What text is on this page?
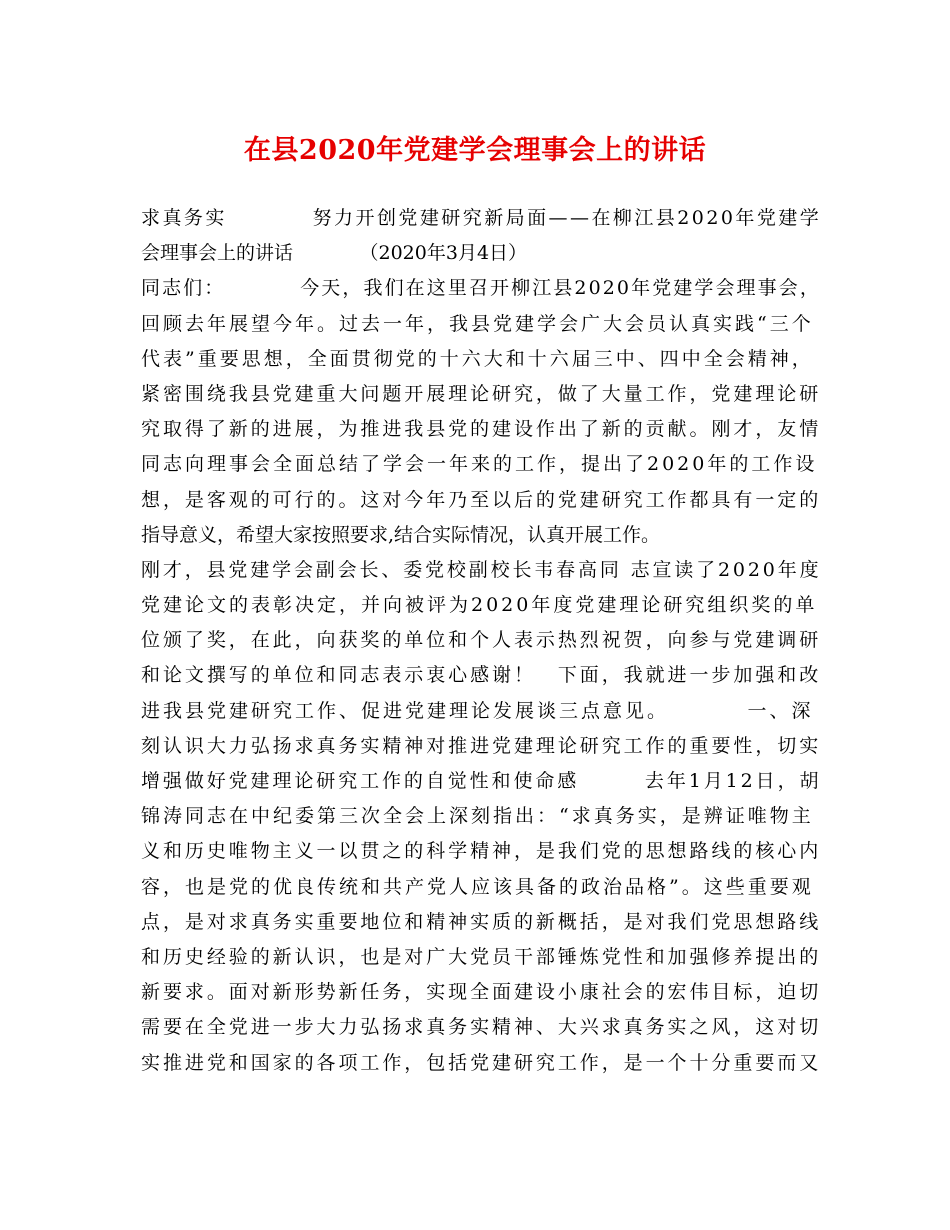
在县2020年党建学会理事会上的讲话
求真务实　　　　努力开创党建研究新局面——在柳江县2020年党建学
会理事会上的讲话　　　　（2020年3月4日）
同志们：　　　　今天，我们在这里召开柳江县2020年党建学会理事会，
回顾去年展望今年。过去一年，我县党建学会广大会员认真实践“三个
代表”重要思想，全面贯彻党的十六大和十六届三中、四中全会精神，
紧密围绕我县党建重大问题开展理论研究，做了大量工作，党建理论研
究取得了新的进展，为推进我县党的建设作出了新的贡献。刚才，友情
同志向理事会全面总结了学会一年来的工作，提出了2020年的工作设
想，是客观的可行的。这对今年乃至以后的党建研究工作都具有一定的
指导意义，希望大家按照要求,结合实际情况，认真开展工作。
刚才，县党建学会副会长、委党校副校长韦春高同 志宣读了2020年度
党建论文的表彰决定，并向被评为2020年度党建理论研究组织奖的单
位颁了奖，在此，向获奖的单位和个人表示热烈祝贺，向参与党建调研
和论文撰写的单位和同志表示衷心感谢！　下面，我就进一步加强和改
进我县党建研究工作、促进党建理论发展谈三点意见。　　　　一、深
刻认识大力弘扬求真务实精神对推进党建理论研究工作的重要性，切实
增强做好党建理论研究工作的自觉性和使命感　　　去年1月12日，胡
锦涛同志在中纪委第三次全会上深刻指出：“求真务实，是辨证唯物主
义和历史唯物主义一以贯之的科学精神，是我们党的思想路线的核心内
容，也是党的优良传统和共产党人应该具备的政治品格”。这些重要观
点，是对求真务实重要地位和精神实质的新概括，是对我们党思想路线
和历史经验的新认识，也是对广大党员干部锤炼党性和加强修养提出的
新要求。面对新形势新任务，实现全面建设小康社会的宏伟目标，迫切
需要在全党进一步大力弘扬求真务实精神、大兴求真务实之风，这对切
实推进党和国家的各项工作，包括党建研究工作，是一个十分重要而又
